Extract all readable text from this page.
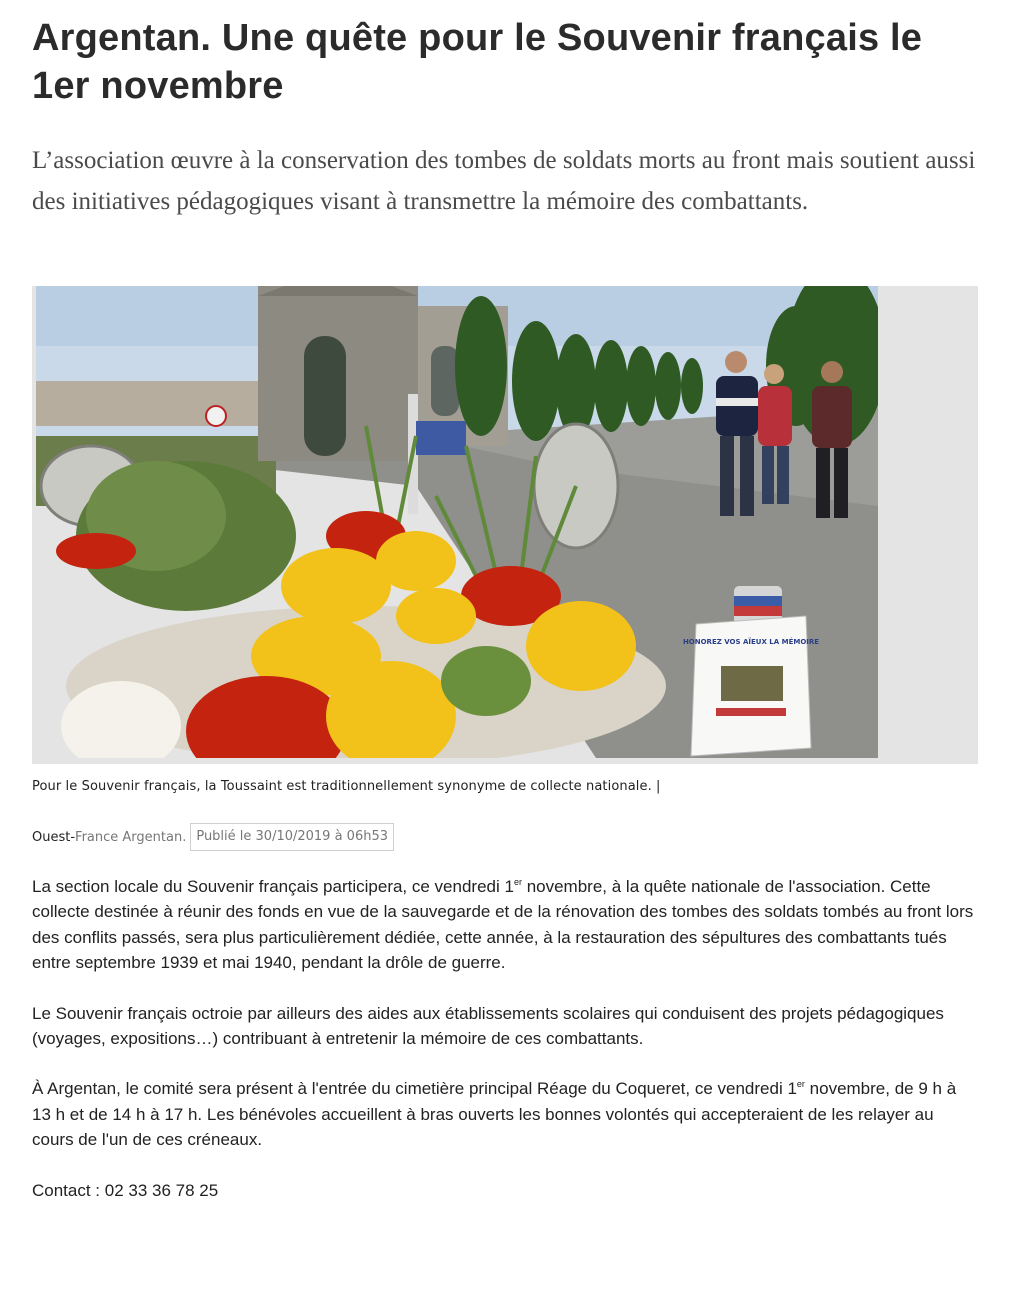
Argentan. Une quête pour le Souvenir français le 1er novembre

L’association œuvre à la conservation des tombes de soldats morts au front mais soutient aussi des initiatives pédagogiques visant à transmettre la mémoire des combattants.

HONOREZ VOS AÏEUX LA MÉMOIRE
Pour le Souvenir français, la Toussaint est traditionnellement synonyme de collecte nationale. |
Ouest- France Argentan. Publié le 30/10/2019 à 06h53

La section locale du Souvenir français participera, ce vendredi 1er novembre, à la quête nationale de l'association. Cette collecte destinée à réunir des fonds en vue de la sauvegarde et de la rénovation des tombes des soldats tombés au front lors des conflits passés, sera plus particulièrement dédiée, cette année, à la restauration des sépultures des combattants tués entre septembre 1939 et mai 1940, pendant la drôle de guerre.

Le Souvenir français octroie par ailleurs des aides aux établissements scolaires qui conduisent des projets pédagogiques (voyages, expositions…) contribuant à entretenir la mémoire de ces combattants.

À Argentan, le comité sera présent à l'entrée du cimetière principal Réage du Coqueret, ce vendredi 1er novembre, de 9 h à 13 h et de 14 h à 17 h. Les bénévoles accueillent à bras ouverts les bonnes volontés qui accepteraient de les relayer au cours de l'un de ces créneaux.

Contact : 02 33 36 78 25
